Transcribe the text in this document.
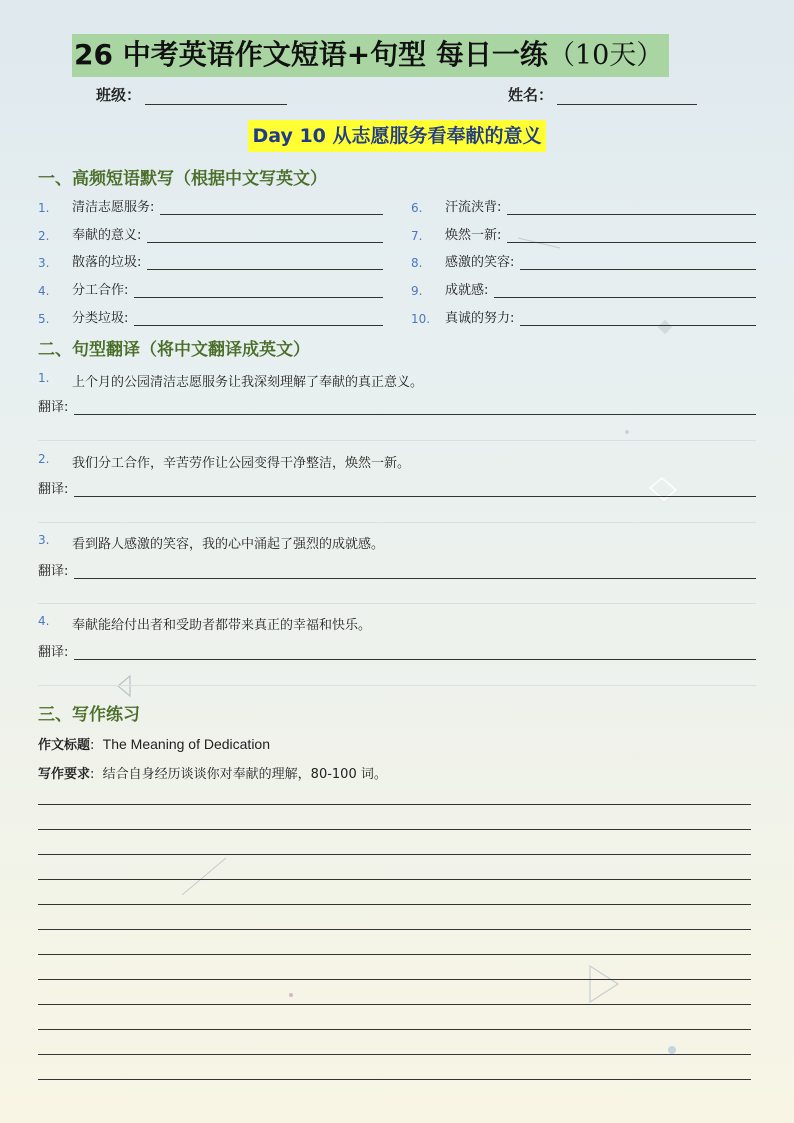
26 中考英语作文短语+句型 每日一练（10天）
班级：	姓名：
Day 10 从志愿服务看奉献的意义
一、高频短语默写（根据中文写英文）
1.	清洁志愿服务:
2.	奉献的意义:
3.	散落的垃圾:
4.	分工合作:
5.	分类垃圾:
6.	汗流浃背:
7.	焕然一新:
8.	感激的笑容:
9.	成就感:
10.	真诚的努力:
二、句型翻译（将中文翻译成英文）
1.	上个月的公园清洁志愿服务让我深刻理解了奉献的真正意义。
翻译:
2.	我们分工合作，辛苦劳作让公园变得干净整洁，焕然一新。
翻译:
3.	看到路人感激的笑容，我的心中涌起了强烈的成就感。
翻译:
4.	奉献能给付出者和受助者都带来真正的幸福和快乐。
翻译:
三、写作练习
作文标题:  The Meaning of Dedication
写作要求:  结合自身经历谈谈你对奉献的理解，80-100 词。
